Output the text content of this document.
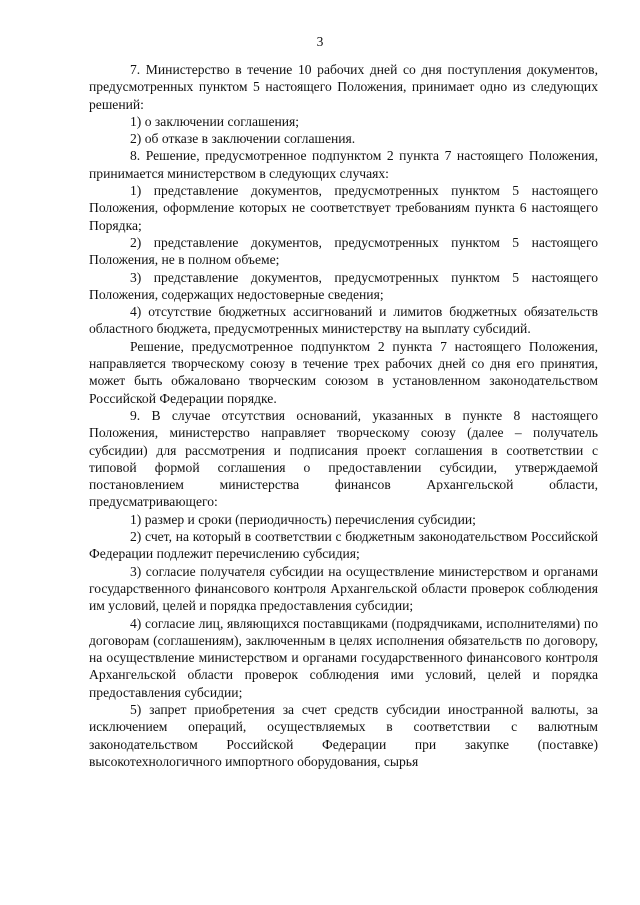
3

7. Министерство в течение 10 рабочих дней со дня поступления документов, предусмотренных пунктом 5 настоящего Положения, принимает одно из следующих решений:

1) о заключении соглашения;

2) об отказе в заключении соглашения.

8. Решение, предусмотренное подпунктом 2 пункта 7 настоящего Положения, принимается министерством в следующих случаях:

1) представление документов, предусмотренных пунктом 5 настоящего Положения, оформление которых не соответствует требованиям пункта 6 настоящего Порядка;

2) представление документов, предусмотренных пунктом 5 настоящего Положения, не в полном объеме;

3) представление документов, предусмотренных пунктом 5 настоящего Положения, содержащих недостоверные сведения;

4) отсутствие бюджетных ассигнований и лимитов бюджетных обязательств областного бюджета, предусмотренных министерству на выплату субсидий.

Решение, предусмотренное подпунктом 2 пункта 7 настоящего Положения, направляется творческому союзу в течение трех рабочих дней со дня его принятия, может быть обжаловано творческим союзом в установленном законодательством Российской Федерации порядке.

9. В случае отсутствия оснований, указанных в пункте 8 настоящего Положения, министерство направляет творческому союзу (далее – получатель субсидии) для рассмотрения и подписания проект соглашения в соответствии с типовой формой соглашения о предоставлении субсидии, утверждаемой постановлением министерства финансов Архангельской области, предусматривающего:

1) размер и сроки (периодичность) перечисления субсидии;

2) счет, на который в соответствии с бюджетным законодательством Российской Федерации подлежит перечислению субсидия;

3) согласие получателя субсидии на осуществление министерством и органами государственного финансового контроля Архангельской области проверок соблюдения им условий, целей и порядка предоставления субсидии;

4) согласие лиц, являющихся поставщиками (подрядчиками, исполнителями) по договорам (соглашениям), заключенным в целях исполнения обязательств по договору, на осуществление министерством и органами государственного финансового контроля Архангельской области проверок соблюдения ими условий, целей и порядка предоставления субсидии;

5) запрет приобретения за счет средств субсидии иностранной валюты, за исключением операций, осуществляемых в соответствии с валютным законодательством Российской Федерации при закупке (поставке) высокотехнологичного импортного оборудования, сырья
